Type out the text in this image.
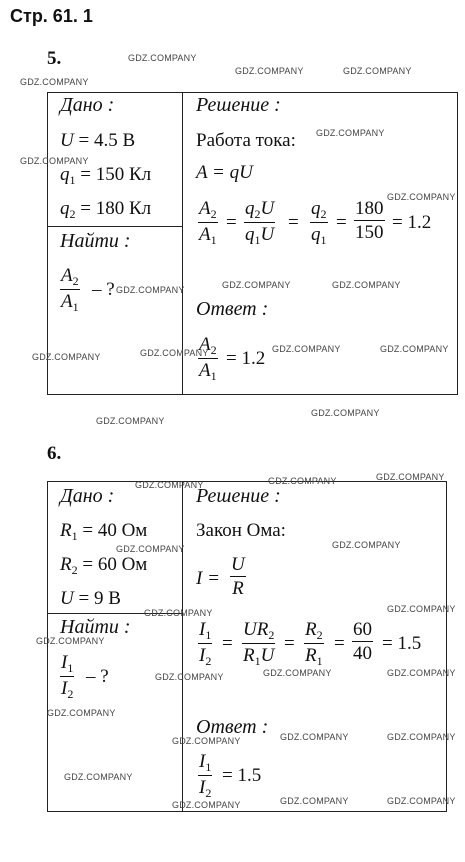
Стр. 61. 1
5.
Дано :
U = 4.5 В
$q_1 = 150$ Кл
$q_2 = 180$ Кл
Найти :
$A_2$
$A_1$
– ?
Решение :
Работа тока:
A = qU
$A_2$
$A_1$
=
$q_2U$
$q_1U$
=
$q_2$
$q_1$
=
180
150 = 1.2
Ответ :
$A_2$
$A_1$
= 1.2
6.
Дано :
$R_1 = 40$ Ом
$R_2 = 60$ Ом
U = 9 В
Найти :
$I_1$
$I_2$
– ?
Решение :
Закон Ома:
I =
U
R
$I_1$
$I_2$
=
$UR_2$
$R_1U$
=
$R_2$
$R_1$
=
60
40 = 1.5
Ответ :
$I_1$
$I_2$
= 1.5
GDZ.COMPANY
GDZ.COMPANY	GDZ.COMPANY
GDZ.COMPANY
GDZ.COMPANY
GDZ.COMPANY
GDZ.COMPANY
GDZ.COMPANY	GDZ.COMPANY	GDZ.COMPANY
GDZ.COMPANY	GDZ.COMPANY	GDZ.COMPANY
GDZ.COMPANY
GDZ.COMPANY
GDZ.COMPANY
GDZ.COMPANY
GDZ.COMPANY
GDZ.COMPANY
GDZ.COMPANY	GDZ.COMPANY
GDZ.COMPANY	GDZ.COMPANY
GDZ.COMPANY
GDZ.COMPANY	GDZ.COMPANY
GDZ.COMPANY
GDZ.COMPANY
GDZ.COMPANY	GDZ.COMPANY	GDZ.COMPANY
GDZ.COMPANY
GDZ.COMPANY	GDZ.COMPANY	GDZ.COMPANY
